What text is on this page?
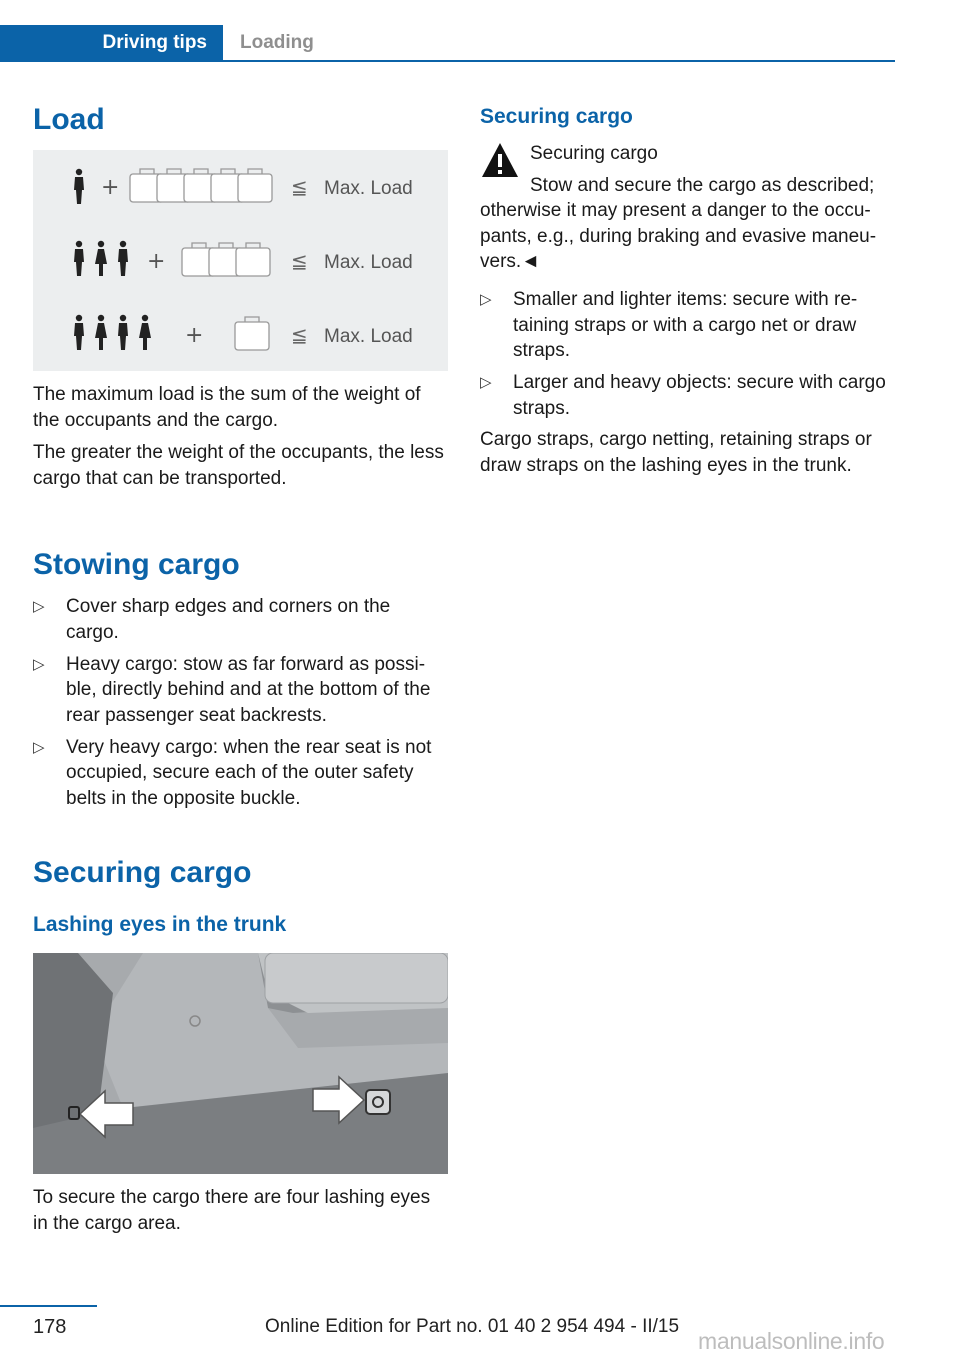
Driving tips	Loading
Load
+	≦ Max. Load
+	≦ Max. Load
+	≦ Max. Load
The maximum load is the sum of the weight of the occupants and the cargo.
The greater the weight of the occupants, the less cargo that can be transported.
Stowing cargo
▷ Cover sharp edges and corners on the cargo.
▷ Heavy cargo: stow as far forward as possi‐ble, directly behind and at the bottom of the rear passenger seat backrests.
▷ Very heavy cargo: when the rear seat is not occupied, secure each of the outer safety belts in the opposite buckle.
Securing cargo
Lashing eyes in the trunk
To secure the cargo there are four lashing eyes in the cargo area.
Securing cargo
Securing cargo
Stow and secure the cargo as described;
otherwise it may present a danger to the occu‐pants, e.g., during braking and evasive maneu‐vers.◄
▷ Smaller and lighter items: secure with re‐taining straps or with a cargo net or draw straps.
▷ Larger and heavy objects: secure with cargo straps.
Cargo straps, cargo netting, retaining straps or draw straps on the lashing eyes in the trunk.
178	Online Edition for Part no. 01 40 2 954 494 - II/15
manualsonline.info
